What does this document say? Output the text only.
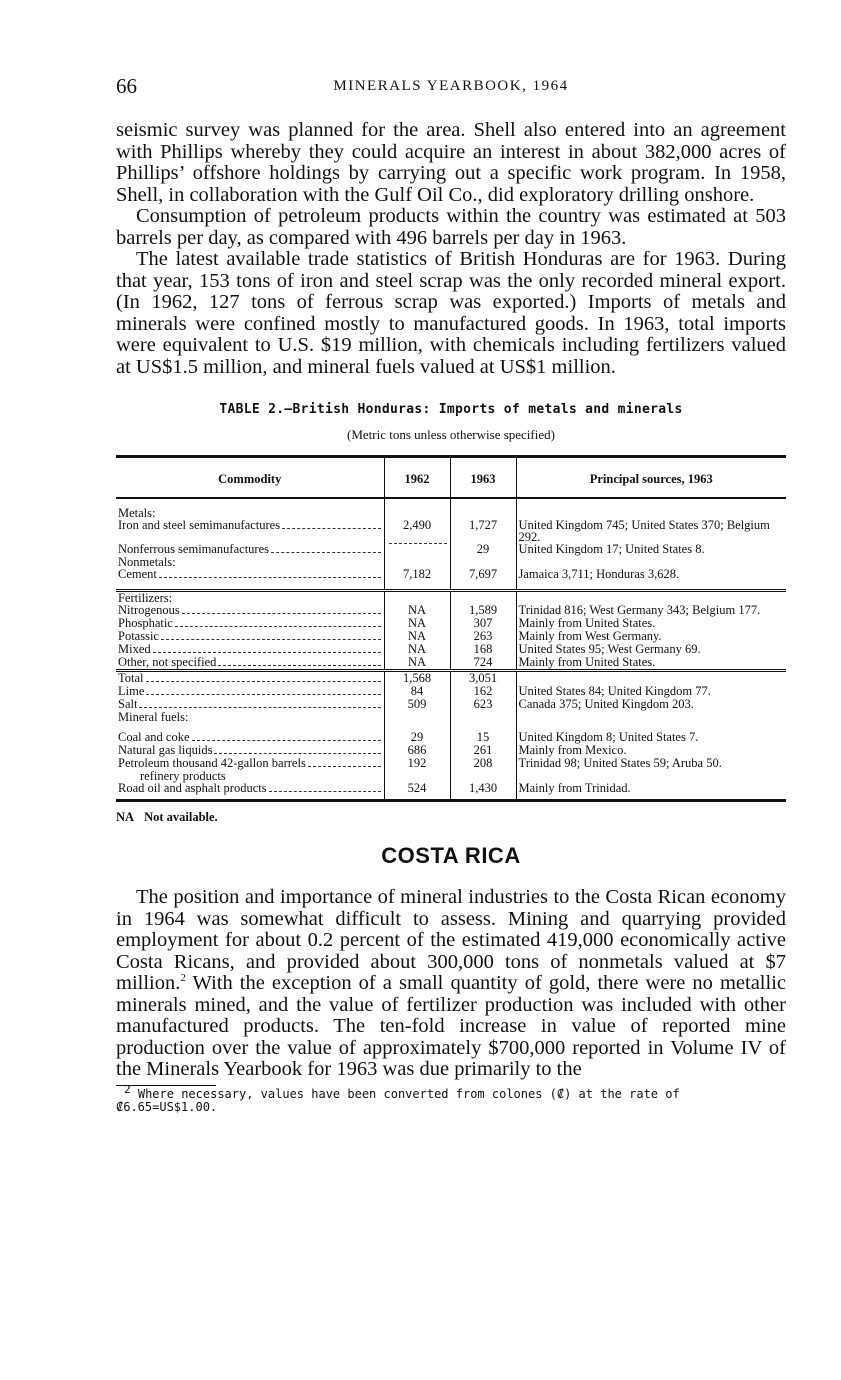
66	MINERALS YEARBOOK, 1964

seismic survey was planned for the area. Shell also entered into an agreement with Phillips whereby they could acquire an interest in about 382,000 acres of Phillips’ offshore holdings by carrying out a specific work program. In 1958, Shell, in collaboration with the Gulf Oil Co., did exploratory drilling onshore.

Consumption of petroleum products within the country was estimated at 503 barrels per day, as compared with 496 barrels per day in 1963.

The latest available trade statistics of British Honduras are for 1963. During that year, 153 tons of iron and steel scrap was the only recorded mineral export. (In 1962, 127 tons of ferrous scrap was exported.) Imports of metals and minerals were confined mostly to manufactured goods. In 1963, total imports were equivalent to U.S. $19 million, with chemicals including fertilizers valued at US$1.5 million, and mineral fuels valued at US$1 million.

TABLE 2.—British Honduras: Imports of metals and minerals
(Metric tons unless otherwise specified)
Commodity	1962	1963	Principal sources, 1963

Metals:			

Iron and steel semimanufactures	2,490	1,727	United Kingdom 745; United States 370; Belgium 292.

Nonferrous semimanufactures		29	United Kingdom 17; United States 8.
Nonmetals:			

Cement	7,182	7,697	Jamaica 3,711; Honduras 3,628.

Fertilizers:			

Nitrogenous	NA	1,589	Trinidad 816; West Germany 343; Belgium 177.

Phosphatic	NA	307	Mainly from United States.

Potassic	NA	263	Mainly from West Germany.

Mixed	NA	168	United States 95; West Germany 69.

Other, not specified	NA	724	Mainly from United States.

Total	1,568	3,051	

Lime	84	162	United States 84; United Kingdom 77.

Salt	509	623	Canada 375; United Kingdom 203.
Mineral fuels:			

Coal and coke	29	15	United Kingdom 8; United States 7.

Natural gas liquids	686	261	Mainly from Mexico.

Petroleum thousand 42-gallon barrels
refinery products	192	208	Trinidad 98; United States 59; Aruba 50.

Road oil and asphalt products	524	1,430	Mainly from Trinidad.
NA Not available.
COSTA RICA

The position and importance of mineral industries to the Costa Rican economy in 1964 was somewhat difficult to assess. Mining and quarrying provided employment for about 0.2 percent of the estimated 419,000 economically active Costa Ricans, and provided about 300,000 tons of nonmetals valued at $7 million.$^2$ With the exception of a small quantity of gold, there were no metallic minerals mined, and the value of fertilizer production was included with other manufactured products. The ten-fold increase in value of reported mine production over the value of approximately $700,000 reported in Volume IV of the Minerals Yearbook for 1963 was due primarily to the

$^2$ Where necessary, values have been converted from colones (₡) at the rate of ₡6.65=US$1.00.
